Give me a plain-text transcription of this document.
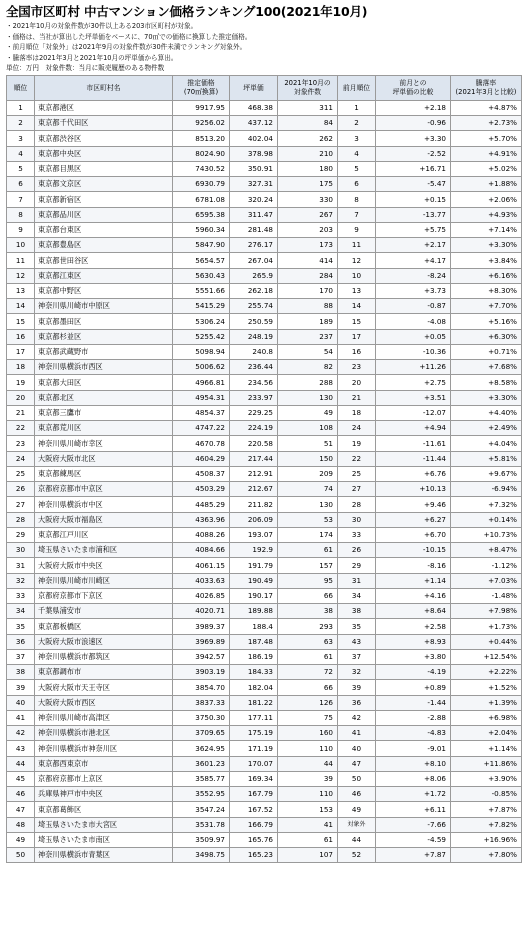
全国市区町村 中古マンション価格ランキング100(2021年10月)
・2021年10月の対象件数が30件以上ある203市区町村が対象。
・価格は、当社が算出した坪単価をベースに、70㎡での価格に換算した推定価格。
・前月順位「対象外」は2021年9月の対象件数が30件未満でランキング対象外。
・騰落率は2021年3月と2021年10月の坪単価から算出。
単位：万円　対象件数：当月に販売履歴のある物件数
順位	市区町村名	推定価格
(70㎡換算)	坪単価	2021年10月の
対象件数	前月順位	前月との
坪単価の比較	騰落率
(2021年3月と比較)
1	東京都港区	9917.95	468.38	311	1	+2.18	+4.87%
2	東京都千代田区	9256.02	437.12	84	2	-0.96	+2.73%
3	東京都渋谷区	8513.20	402.04	262	3	+3.30	+5.70%
4	東京都中央区	8024.90	378.98	210	4	-2.52	+4.91%
5	東京都目黒区	7430.52	350.91	180	5	+16.71	+5.02%
6	東京都文京区	6930.79	327.31	175	6	-5.47	+1.88%
7	東京都新宿区	6781.08	320.24	330	8	+0.15	+2.06%
8	東京都品川区	6595.38	311.47	267	7	-13.77	+4.93%
9	東京都台東区	5960.34	281.48	203	9	+5.75	+7.14%
10	東京都豊島区	5847.90	276.17	173	11	+2.17	+3.30%
11	東京都世田谷区	5654.57	267.04	414	12	+4.17	+3.84%
12	東京都江東区	5630.43	265.9	284	10	-8.24	+6.16%
13	東京都中野区	5551.66	262.18	170	13	+3.73	+8.30%
14	神奈川県川崎市中原区	5415.29	255.74	88	14	-0.87	+7.70%
15	東京都墨田区	5306.24	250.59	189	15	-4.08	+5.16%
16	東京都杉並区	5255.42	248.19	237	17	+0.05	+6.30%
17	東京都武蔵野市	5098.94	240.8	54	16	-10.36	+0.71%
18	神奈川県横浜市西区	5006.62	236.44	82	23	+11.26	+7.68%
19	東京都大田区	4966.81	234.56	288	20	+2.75	+8.58%
20	東京都北区	4954.31	233.97	130	21	+3.51	+3.30%
21	東京都三鷹市	4854.37	229.25	49	18	-12.07	+4.40%
22	東京都荒川区	4747.22	224.19	108	24	+4.94	+2.49%
23	神奈川県川崎市幸区	4670.78	220.58	51	19	-11.61	+4.04%
24	大阪府大阪市北区	4604.29	217.44	150	22	-11.44	+5.81%
25	東京都練馬区	4508.37	212.91	209	25	+6.76	+9.67%
26	京都府京都市中京区	4503.29	212.67	74	27	+10.13	-6.94%
27	神奈川県横浜市中区	4485.29	211.82	130	28	+9.46	+7.32%
28	大阪府大阪市福島区	4363.96	206.09	53	30	+6.27	+0.14%
29	東京都江戸川区	4088.26	193.07	174	33	+6.70	+10.73%
30	埼玉県さいたま市浦和区	4084.66	192.9	61	26	-10.15	+8.47%
31	大阪府大阪市中央区	4061.15	191.79	157	29	-8.16	-1.12%
32	神奈川県川崎市川崎区	4033.63	190.49	95	31	+1.14	+7.03%
33	京都府京都市下京区	4026.85	190.17	66	34	+4.16	-1.48%
34	千葉県浦安市	4020.71	189.88	38	38	+8.64	+7.98%
35	東京都板橋区	3989.37	188.4	293	35	+2.58	+1.73%
36	大阪府大阪市浪速区	3969.89	187.48	63	43	+8.93	+0.44%
37	神奈川県横浜市都筑区	3942.57	186.19	61	37	+3.80	+12.54%
38	東京都調布市	3903.19	184.33	72	32	-4.19	+2.22%
39	大阪府大阪市天王寺区	3854.70	182.04	66	39	+0.89	+1.52%
40	大阪府大阪市西区	3837.33	181.22	126	36	-1.44	+1.39%
41	神奈川県川崎市高津区	3750.30	177.11	75	42	-2.88	+6.98%
42	神奈川県横浜市港北区	3709.65	175.19	160	41	-4.83	+2.04%
43	神奈川県横浜市神奈川区	3624.95	171.19	110	40	-9.01	+1.14%
44	東京都西東京市	3601.23	170.07	44	47	+8.10	+11.86%
45	京都府京都市上京区	3585.77	169.34	39	50	+8.06	+3.90%
46	兵庫県神戸市中央区	3552.95	167.79	110	46	+1.72	-0.85%
47	東京都葛飾区	3547.24	167.52	153	49	+6.11	+7.87%
48	埼玉県さいたま市大宮区	3531.78	166.79	41	対象外	-7.66	+7.82%
49	埼玉県さいたま市南区	3509.97	165.76	61	44	-4.59	+16.96%
50	神奈川県横浜市青葉区	3498.75	165.23	107	52	+7.87	+7.80%
